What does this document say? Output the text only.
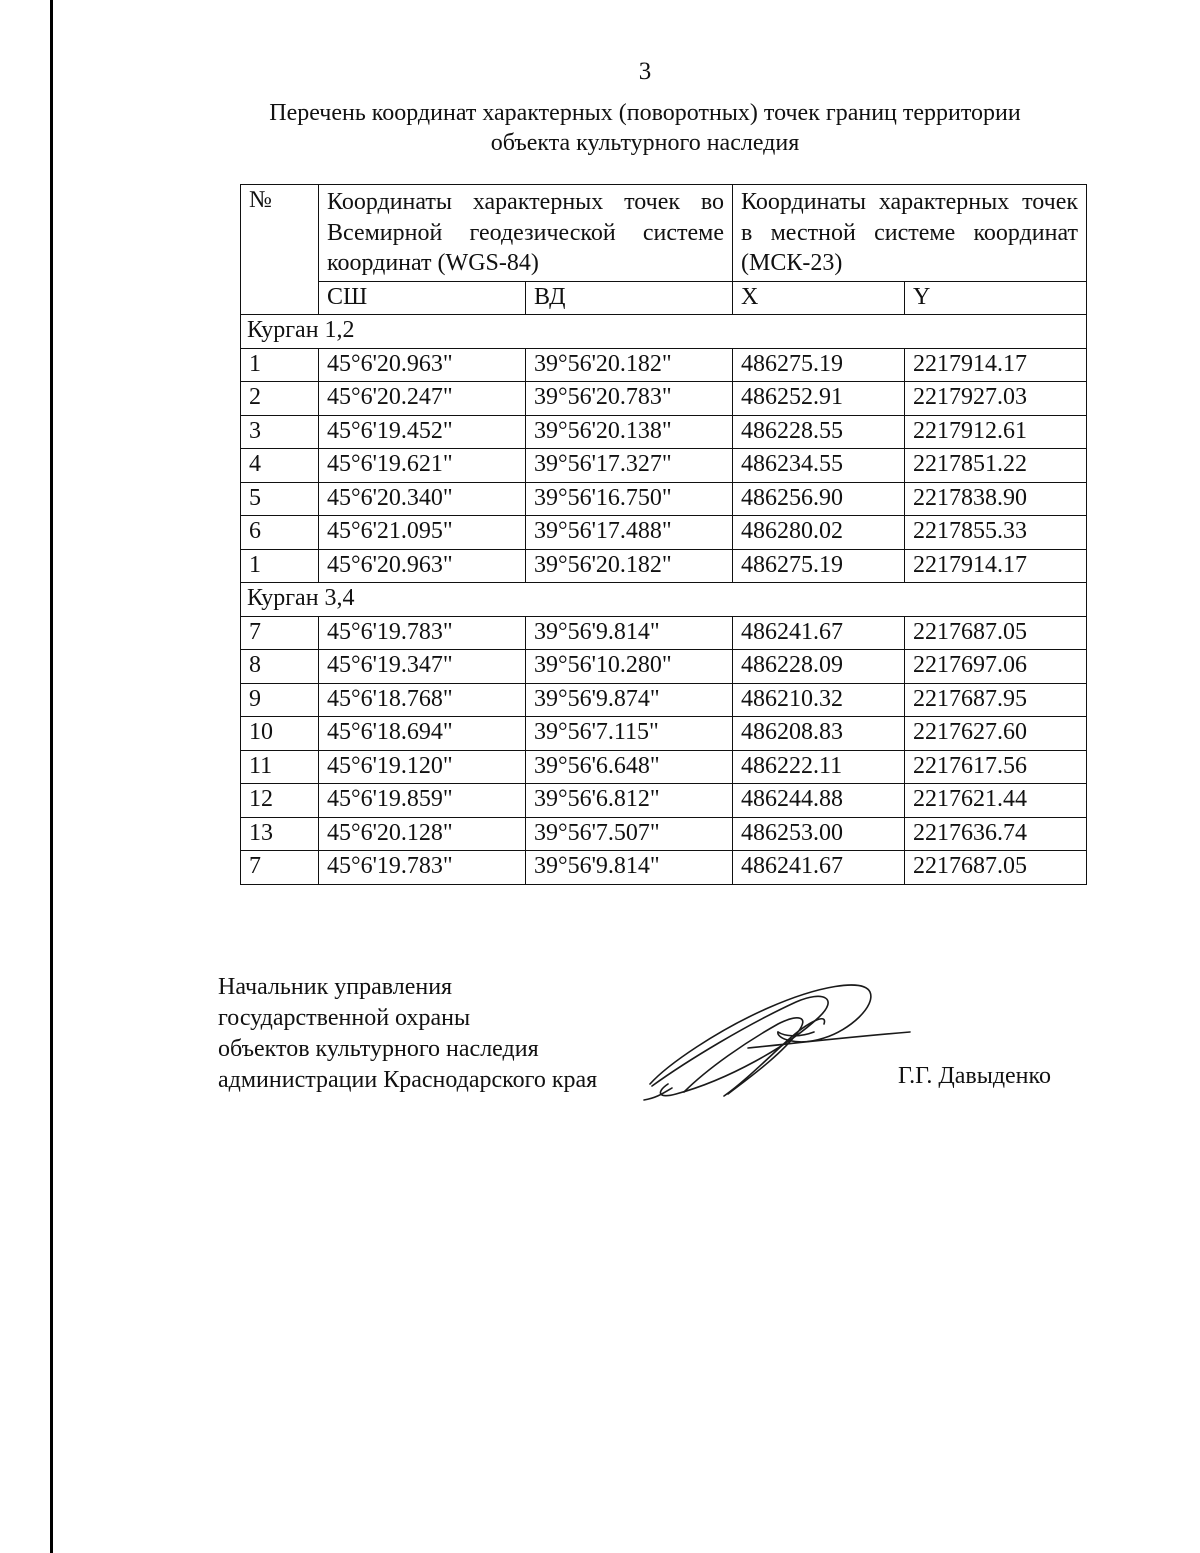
3
Перечень координат характерных (поворотных) точек границ территории
объекта культурного наследия
№	Координаты характерных точек во Всемирной геодезической системе координат (WGS-84)		Координаты характерных точек в местной системе координат (МСК-23)	
	СШ	ВД	X	Y
Курган 1,2				
1	45°6'20.963"	39°56'20.182"	486275.19	2217914.17
2	45°6'20.247"	39°56'20.783"	486252.91	2217927.03
3	45°6'19.452"	39°56'20.138"	486228.55	2217912.61
4	45°6'19.621"	39°56'17.327"	486234.55	2217851.22
5	45°6'20.340"	39°56'16.750"	486256.90	2217838.90
6	45°6'21.095"	39°56'17.488"	486280.02	2217855.33
1	45°6'20.963"	39°56'20.182"	486275.19	2217914.17
Курган 3,4				
7	45°6'19.783"	39°56'9.814"	486241.67	2217687.05
8	45°6'19.347"	39°56'10.280"	486228.09	2217697.06
9	45°6'18.768"	39°56'9.874"	486210.32	2217687.95
10	45°6'18.694"	39°56'7.115"	486208.83	2217627.60
11	45°6'19.120"	39°56'6.648"	486222.11	2217617.56
12	45°6'19.859"	39°56'6.812"	486244.88	2217621.44
13	45°6'20.128"	39°56'7.507"	486253.00	2217636.74
7	45°6'19.783"	39°56'9.814"	486241.67	2217687.05
Начальник управления
государственной охраны
объектов культурного наследия
администрации Краснодарского края	Г.Г. Давыденко
